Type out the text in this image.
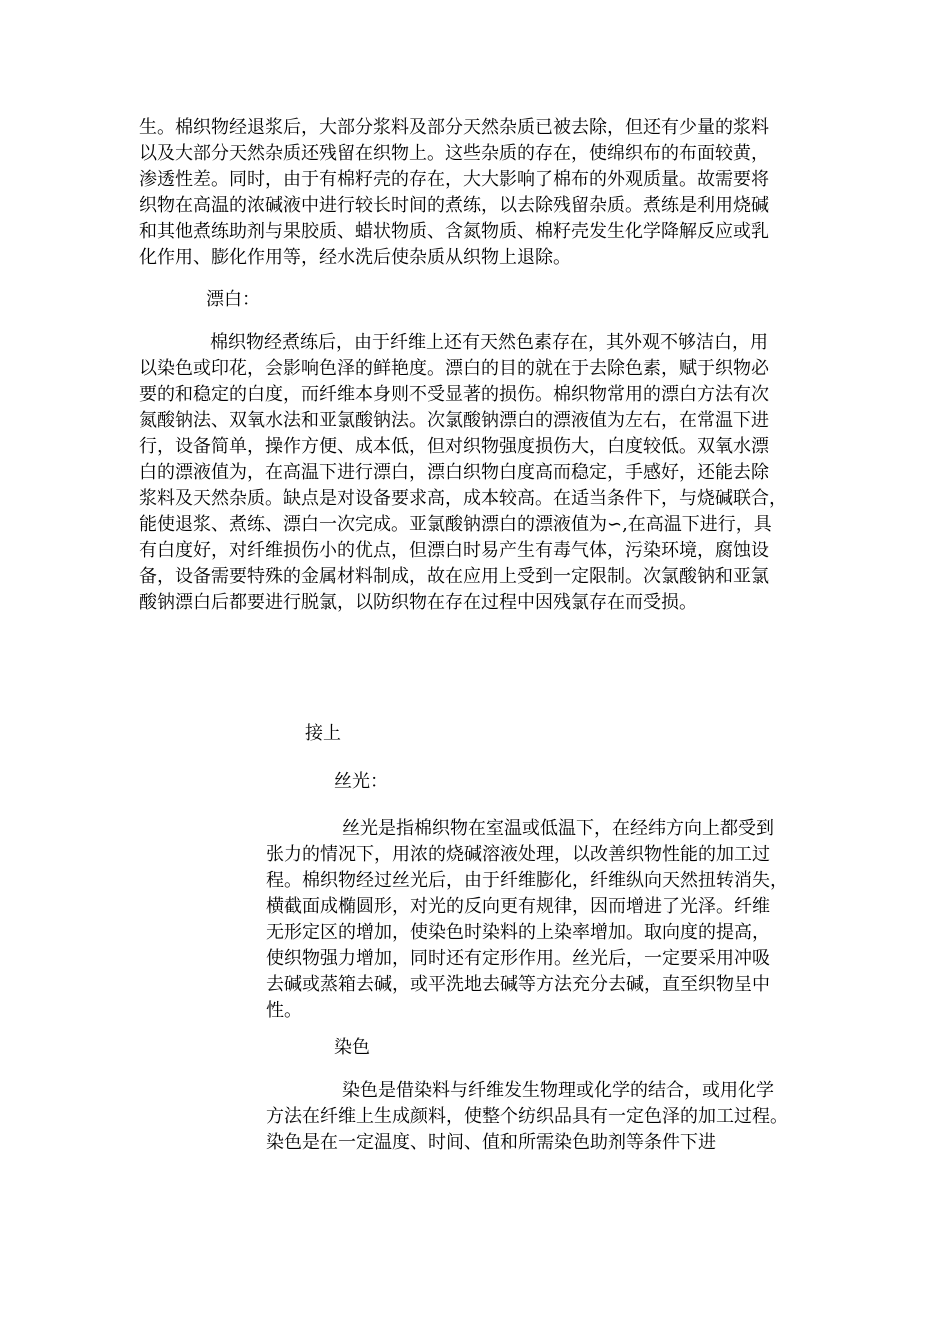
生。棉织物经退浆后，大部分浆料及部分天然杂质已被去除，但还有少量的浆料

以及大部分天然杂质还残留在织物上。这些杂质的存在，使绵织布的布面较黄，

渗透性差。同时，由于有棉籽壳的存在，大大影响了棉布的外观质量。故需要将

织物在高温的浓碱液中进行较长时间的煮练，以去除残留杂质。煮练是利用烧碱

和其他煮练助剂与果胶质、蜡状物质、含氮物质、棉籽壳发生化学降解反应或乳

化作用、膨化作用等，经水洗后使杂质从织物上退除。

漂白：

棉织物经煮练后，由于纤维上还有天然色素存在，其外观不够洁白，用

以染色或印花，会影响色泽的鲜艳度。漂白的目的就在于去除色素，赋于织物必

要的和稳定的白度，而纤维本身则不受显著的损伤。棉织物常用的漂白方法有次

氮酸钠法、双氧水法和亚氯酸钠法。次氯酸钠漂白的漂液值为左右，在常温下进

行，设备简单，操作方便、成本低，但对织物强度损伤大，白度较低。双氧水漂

白的漂液值为，在高温下进行漂白，漂白织物白度高而稳定，手感好，还能去除

浆料及天然杂质。缺点是对设备要求高，成本较高。在适当条件下，与烧碱联合，

能使退浆、煮练、漂白一次完成。亚氯酸钠漂白的漂液值为∽,在高温下进行，具

有白度好，对纤维损伤小的优点，但漂白时易产生有毒气体，污染环境，腐蚀设

备，设备需要特殊的金属材料制成，故在应用上受到一定限制。次氯酸钠和亚氯

酸钠漂白后都要进行脱氯，以防织物在存在过程中因残氯存在而受损。

接上

丝光：

丝光是指棉织物在室温或低温下，在经纬方向上都受到

张力的情况下，用浓的烧碱溶液处理，以改善织物性能的加工过

程。棉织物经过丝光后，由于纤维膨化，纤维纵向天然扭转消失，

横截面成椭圆形，对光的反向更有规律，因而增进了光泽。纤维

无形定区的增加，使染色时染料的上染率增加。取向度的提高，

使织物强力增加，同时还有定形作用。丝光后，一定要采用冲吸

去碱或蒸箱去碱，或平洗地去碱等方法充分去碱，直至织物呈中

性。

染色

染色是借染料与纤维发生物理或化学的结合，或用化学

方法在纤维上生成颜料，使整个纺织品具有一定色泽的加工过程。

染色是在一定温度、时间、值和所需染色助剂等条件下进
